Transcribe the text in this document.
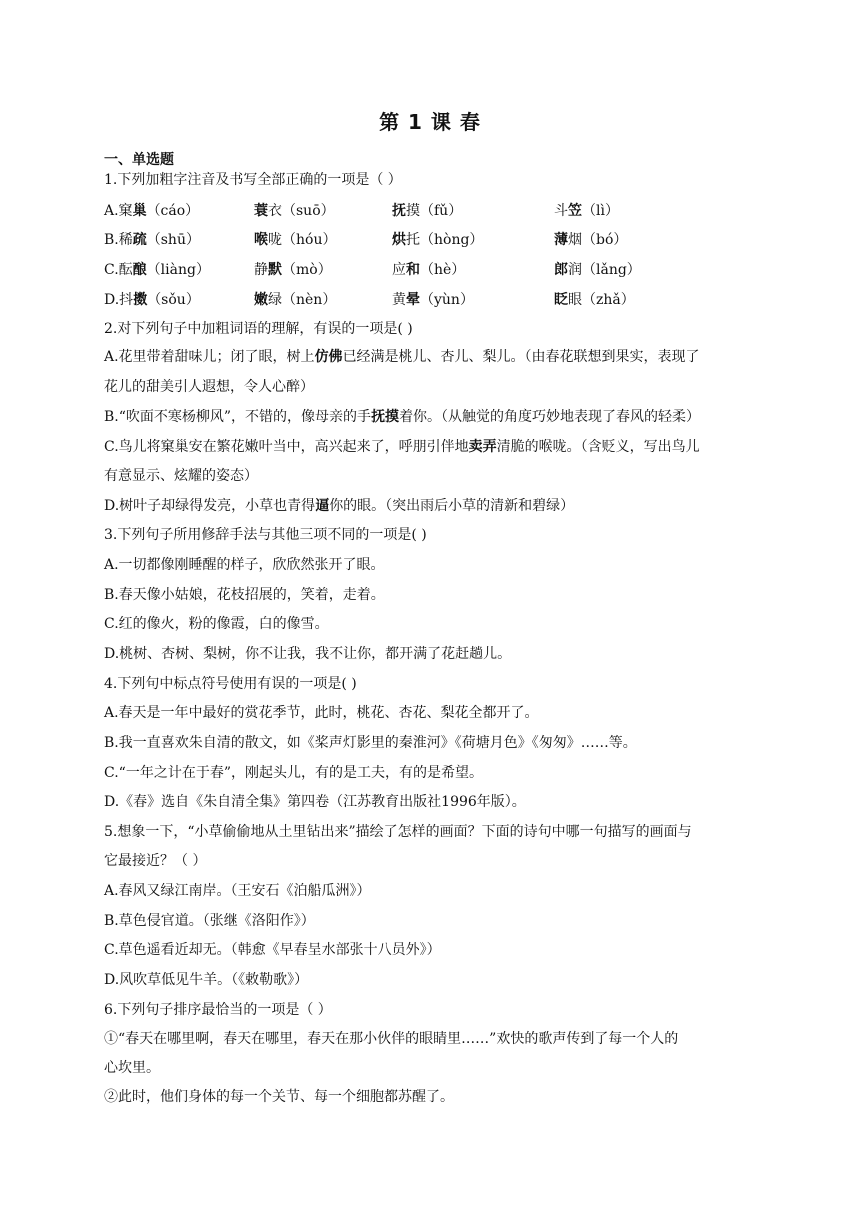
第 1 课 春
一、单选题
1.下列加粗字注音及书写全部正确的一项是（ ）
A.窠巢（cáo）	蓑衣（suō）	抚摸（fǔ）	斗笠（lì）
B.稀疏（shū）	喉咙（hóu）	烘托（hòng）	薄烟（bó）
C.酝酿（liàng）	静默（mò）	应和（hè）	郎润（lǎng）
D.抖擞（sǒu）	嫩绿（nèn）	黄晕（yùn）	眨眼（zhǎ）
2.对下列句子中加粗词语的理解，有误的一项是( )
A.花里带着甜味儿；闭了眼，树上仿佛已经满是桃儿、杏儿、梨儿。（由春花联想到果实，表现了
花儿的甜美引人遐想，令人心醉）
B.“吹面不寒杨柳风”，不错的，像母亲的手抚摸着你。（从触觉的角度巧妙地表现了春风的轻柔）
C.鸟儿将窠巢安在繁花嫩叶当中，高兴起来了，呼朋引伴地卖弄清脆的喉咙。（含贬义，写出鸟儿
有意显示、炫耀的姿态）
D.树叶子却绿得发亮，小草也青得逼你的眼。（突出雨后小草的清新和碧绿）
3.下列句子所用修辞手法与其他三项不同的一项是( )
A.一切都像刚睡醒的样子，欣欣然张开了眼。
B.春天像小姑娘，花枝招展的，笑着，走着。
C.红的像火，粉的像霞，白的像雪。
D.桃树、杏树、梨树，你不让我，我不让你，都开满了花赶趟儿。
4.下列句中标点符号使用有误的一项是( )
A.春天是一年中最好的赏花季节，此时，桃花、杏花、梨花全都开了。
B.我一直喜欢朱自清的散文，如《桨声灯影里的秦淮河》《荷塘月色》《匆匆》……等。
C.“一年之计在于春”，刚起头儿，有的是工夫，有的是希望。
D.《春》选自《朱自清全集》第四卷（江苏教育出版社1996年版）。
5.想象一下，“小草偷偷地从土里钻出来”描绘了怎样的画面？下面的诗句中哪一句描写的画面与
它最接近？（ ）
A.春风又绿江南岸。（王安石《泊船瓜洲》）
B.草色侵官道。（张继《洛阳作》）
C.草色遥看近却无。（韩愈《早春呈水部张十八员外》）
D.风吹草低见牛羊。（《敕勒歌》）
6.下列句子排序最恰当的一项是（ ）
①“春天在哪里啊，春天在哪里，春天在那小伙伴的眼睛里……”欢快的歌声传到了每一个人的
心坎里。
②此时，他们身体的每一个关节、每一个细胞都苏醒了。
